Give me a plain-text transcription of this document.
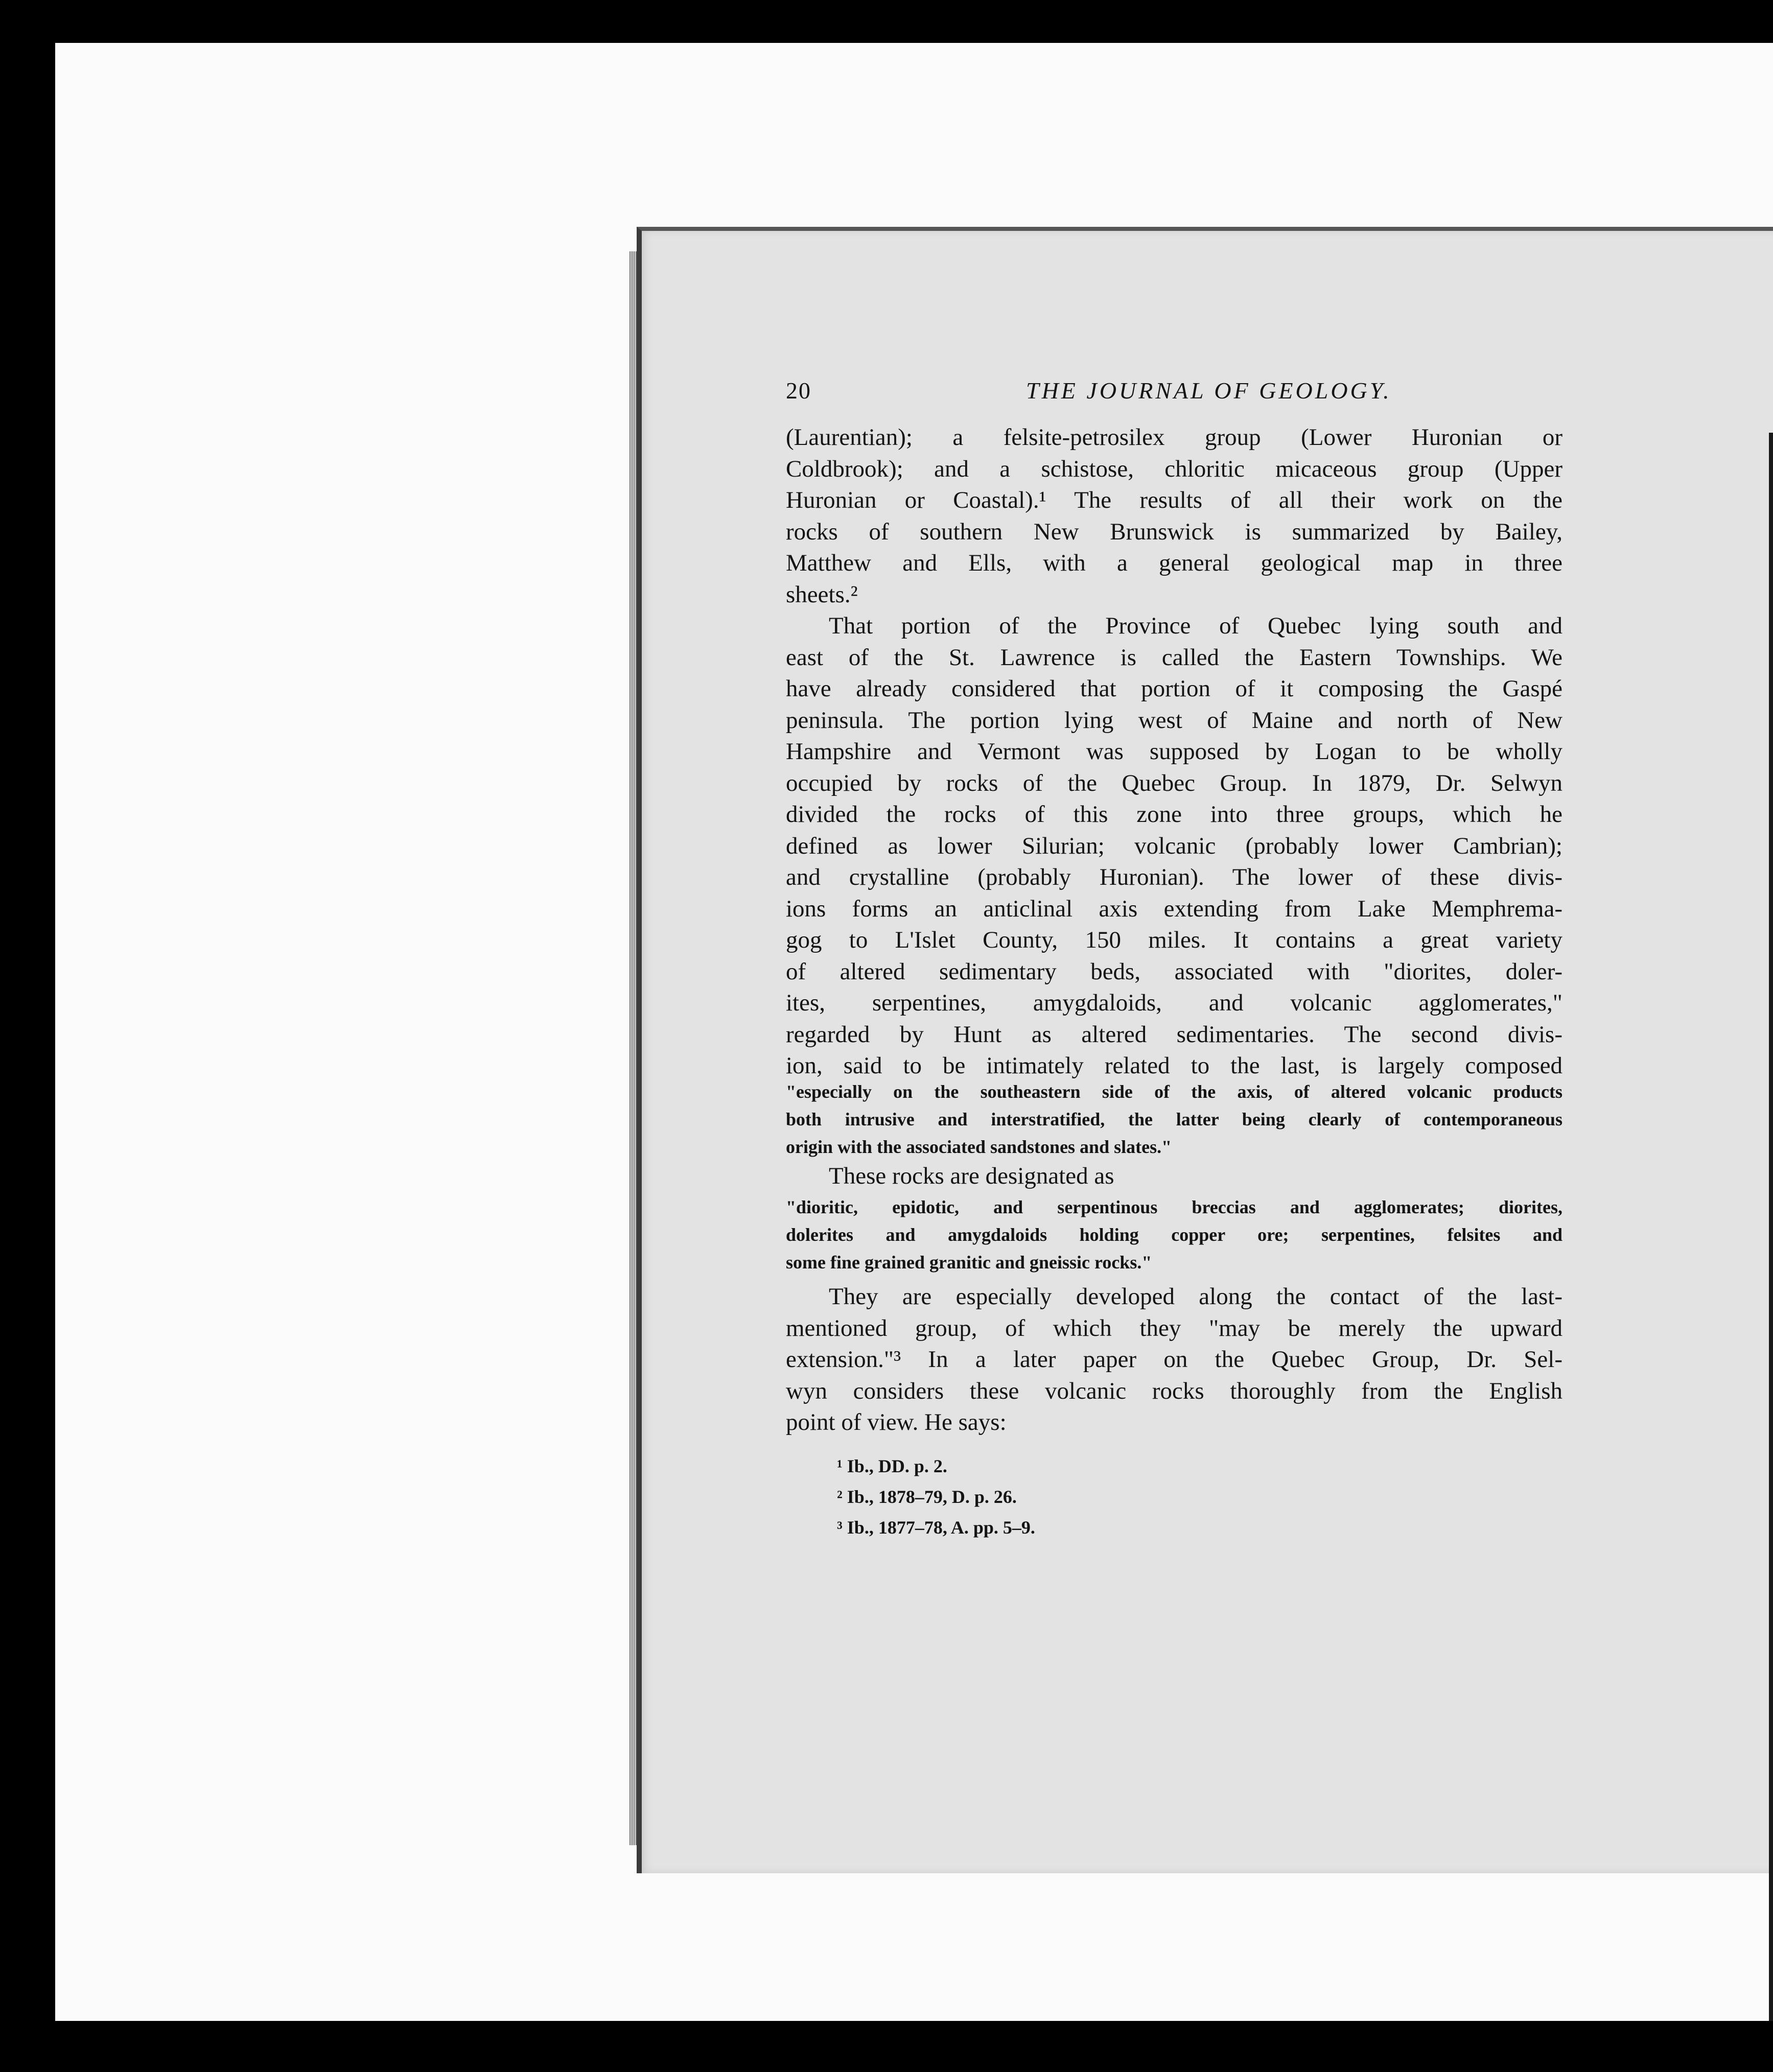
20	THE JOURNAL OF GEOLOGY.
(Laurentian); a felsite-petrosilex group (Lower Huronian or
Coldbrook); and a schistose, chloritic micaceous group (Upper
Huronian or Coastal).¹ The results of all their work on the
rocks of southern New Brunswick is summarized by Bailey,
Matthew and Ells, with a general geological map in three
sheets.²
That portion of the Province of Quebec lying south and
east of the St. Lawrence is called the Eastern Townships. We
have already considered that portion of it composing the Gaspé
peninsula. The portion lying west of Maine and north of New
Hampshire and Vermont was supposed by Logan to be wholly
occupied by rocks of the Quebec Group. In 1879, Dr. Selwyn
divided the rocks of this zone into three groups, which he
defined as lower Silurian; volcanic (probably lower Cambrian);
and crystalline (probably Huronian). The lower of these divis-
ions forms an anticlinal axis extending from Lake Memphrema-
gog to L'Islet County, 150 miles. It contains a great variety
of altered sedimentary beds, associated with "diorites, doler-
ites, serpentines, amygdaloids, and volcanic agglomerates,"
regarded by Hunt as altered sedimentaries. The second divis-
ion, said to be intimately related to the last, is largely composed
"especially on the southeastern side of the axis, of altered volcanic products
both intrusive and interstratified, the latter being clearly of contemporaneous
origin with the associated sandstones and slates."
These rocks are designated as
"dioritic, epidotic, and serpentinous breccias and agglomerates; diorites,
dolerites and amygdaloids holding copper ore; serpentines, felsites and
some fine grained granitic and gneissic rocks."
They are especially developed along the contact of the last-
mentioned group, of which they "may be merely the upward
extension."³ In a later paper on the Quebec Group, Dr. Sel-
wyn considers these volcanic rocks thoroughly from the English
point of view. He says:
¹ Ib., DD. p. 2.
² Ib., 1878–79, D. p. 26.
³ Ib., 1877–78, A. pp. 5–9.
